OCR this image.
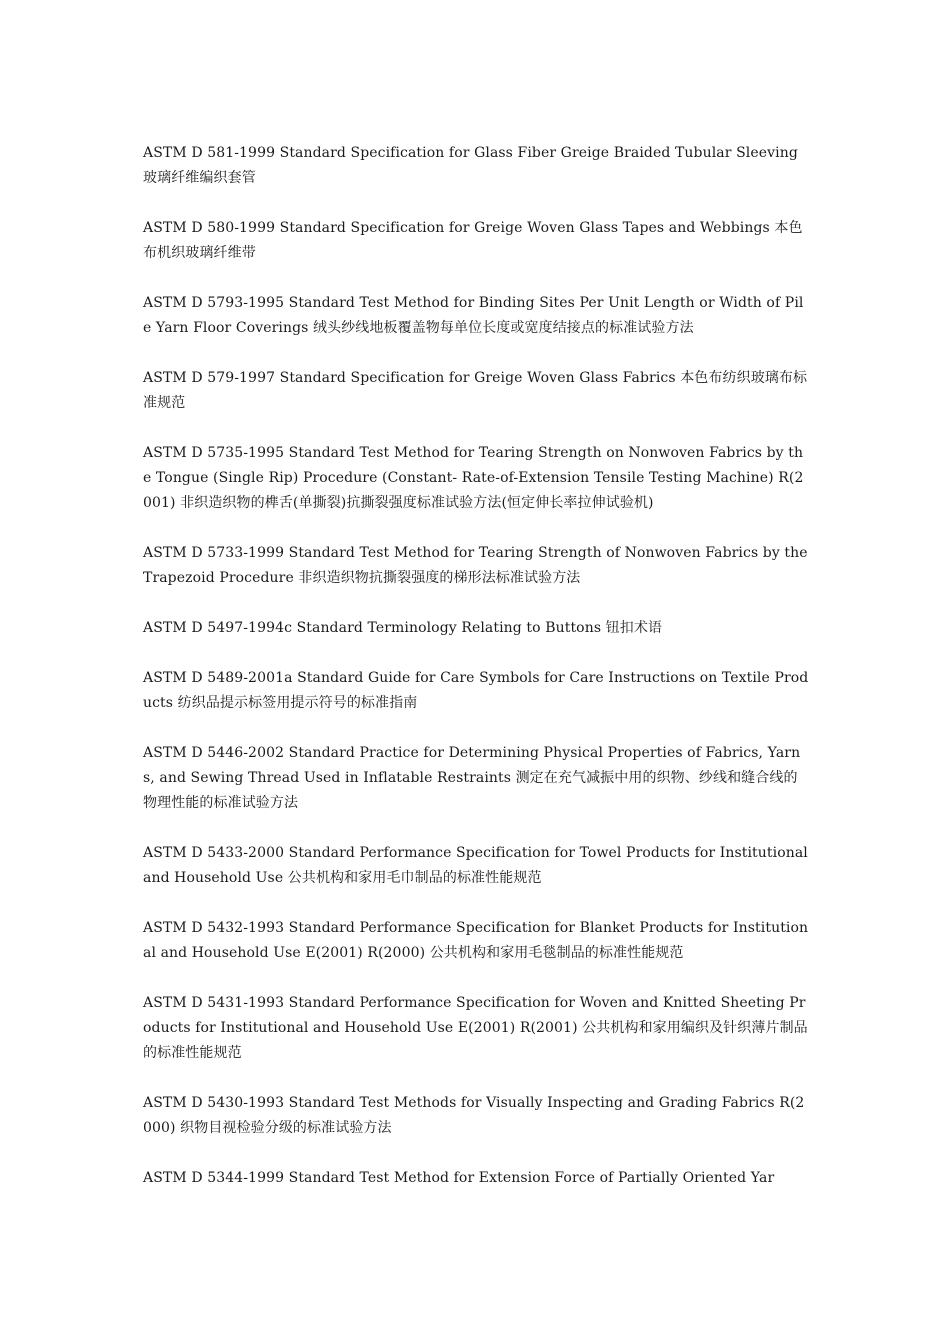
ASTM D 581-1999 Standard Specification for Glass Fiber Greige Braided Tubular Sleeving 玻璃纤维编织套管

ASTM D 580-1999 Standard Specification for Greige Woven Glass Tapes and Webbings 本色布机织玻璃纤维带

ASTM D 5793-1995 Standard Test Method for Binding Sites Per Unit Length or Width of Pile Yarn Floor Coverings 绒头纱线地板覆盖物每单位长度或宽度结接点的标准试验方法

ASTM D 579-1997 Standard Specification for Greige Woven Glass Fabrics 本色布纺织玻璃布标准规范

ASTM D 5735-1995 Standard Test Method for Tearing Strength on Nonwoven Fabrics by the Tongue (Single Rip) Procedure (Constant- Rate-of-Extension Tensile Testing Machine) R(2001) 非织造织物的榫舌(单撕裂)抗撕裂强度标准试验方法(恒定伸长率拉伸试验机)

ASTM D 5733-1999 Standard Test Method for Tearing Strength of Nonwoven Fabrics by the Trapezoid Procedure 非织造织物抗撕裂强度的梯形法标准试验方法

ASTM D 5497-1994c Standard Terminology Relating to Buttons 钮扣术语

ASTM D 5489-2001a Standard Guide for Care Symbols for Care Instructions on Textile Products 纺织品提示标签用提示符号的标准指南

ASTM D 5446-2002 Standard Practice for Determining Physical Properties of Fabrics, Yarns, and Sewing Thread Used in Inflatable Restraints 测定在充气减振中用的织物、纱线和缝合线的物理性能的标准试验方法

ASTM D 5433-2000 Standard Performance Specification for Towel Products for Institutional and Household Use 公共机构和家用毛巾制品的标准性能规范

ASTM D 5432-1993 Standard Performance Specification for Blanket Products for Institutional and Household Use E(2001) R(2000) 公共机构和家用毛毯制品的标准性能规范

ASTM D 5431-1993 Standard Performance Specification for Woven and Knitted Sheeting Products for Institutional and Household Use E(2001) R(2001) 公共机构和家用编织及针织薄片制品的标准性能规范

ASTM D 5430-1993 Standard Test Methods for Visually Inspecting and Grading Fabrics R(2000) 织物目视检验分级的标准试验方法

ASTM D 5344-1999 Standard Test Method for Extension Force of Partially Oriented Yar
